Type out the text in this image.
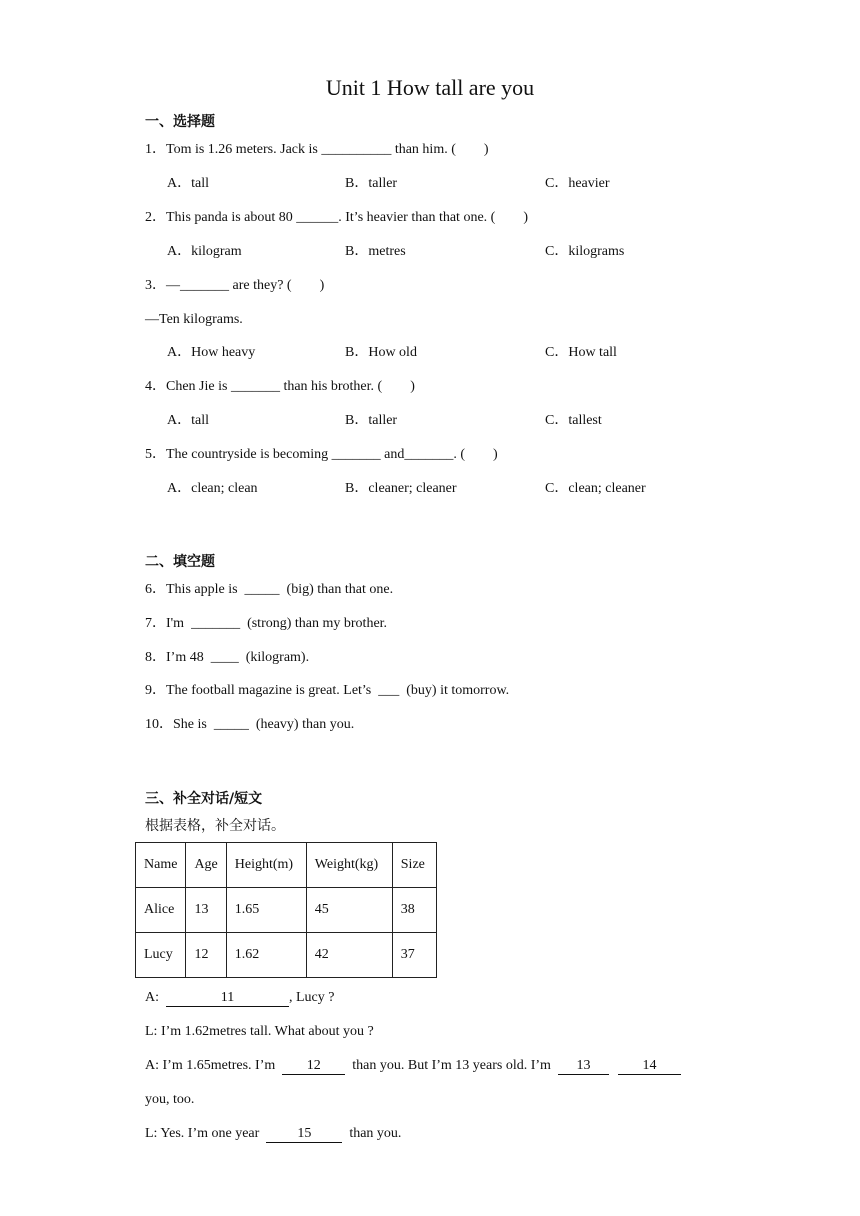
Unit 1 How tall are you
一、选择题
1．Tom is 1.26 meters. Jack is __________ than him. (　　)
A．tall	B．taller	C．heavier
2．This panda is about 80 ______. It’s heavier than that one. (　　)
A．kilogram	B．metres	C．kilograms
3．—_______ are they? (　　)
—Ten kilograms.
A．How heavy	B．How old	C．How tall
4．Chen Jie is _______ than his brother. (　　)
A．tall	B．taller	C．tallest
5．The countryside is becoming _______ and_______. (　　)
A．clean; clean	B．cleaner; cleaner	C．clean; cleaner
二、填空题
6．This apple is  _____  (big) than that one.
7．I'm  _______  (strong) than my brother.
8．I’m 48  ____  (kilogram).
9．The football magazine is great. Let’s  ___  (buy) it tomorrow.
10．She is  _____  (heavy) than you.
三、补全对话/短文
根据表格，补全对话。
Name	Age	Height(m)	Weight(kg)	Size
Alice	13	1.65	45	38
Lucy	12	1.62	42	37
A:	11	, Lucy ?
L: I’m 1.62metres tall. What about you ?
A: I’m 1.65metres. I’m  12  than you. But I’m 13 years old. I’m  13	14
you, too.
L: Yes. I’m one year  15  than you.
